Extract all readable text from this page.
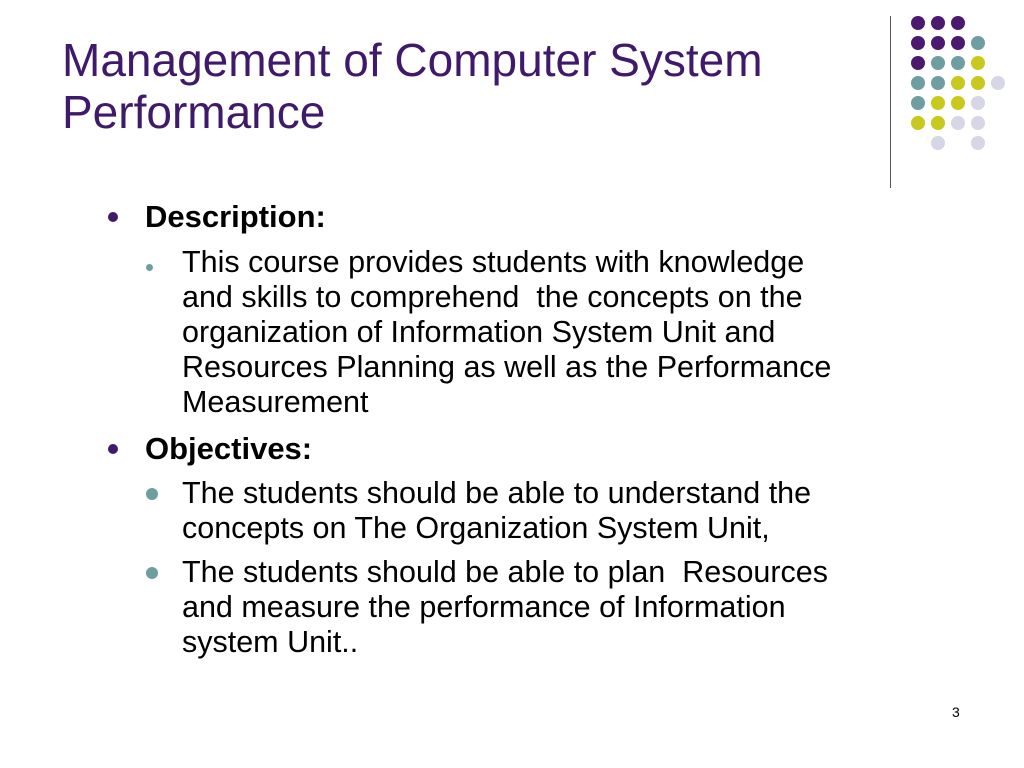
Management of Computer System
Performance
Description:
This course provides students with knowledge
and skills to comprehend  the concepts on the
organization of Information System Unit and
Resources Planning as well as the Performance
Measurement
Objectives:
The students should be able to understand the
concepts on The Organization System Unit,
The students should be able to plan  Resources
and measure the performance of Information
system Unit..
3
